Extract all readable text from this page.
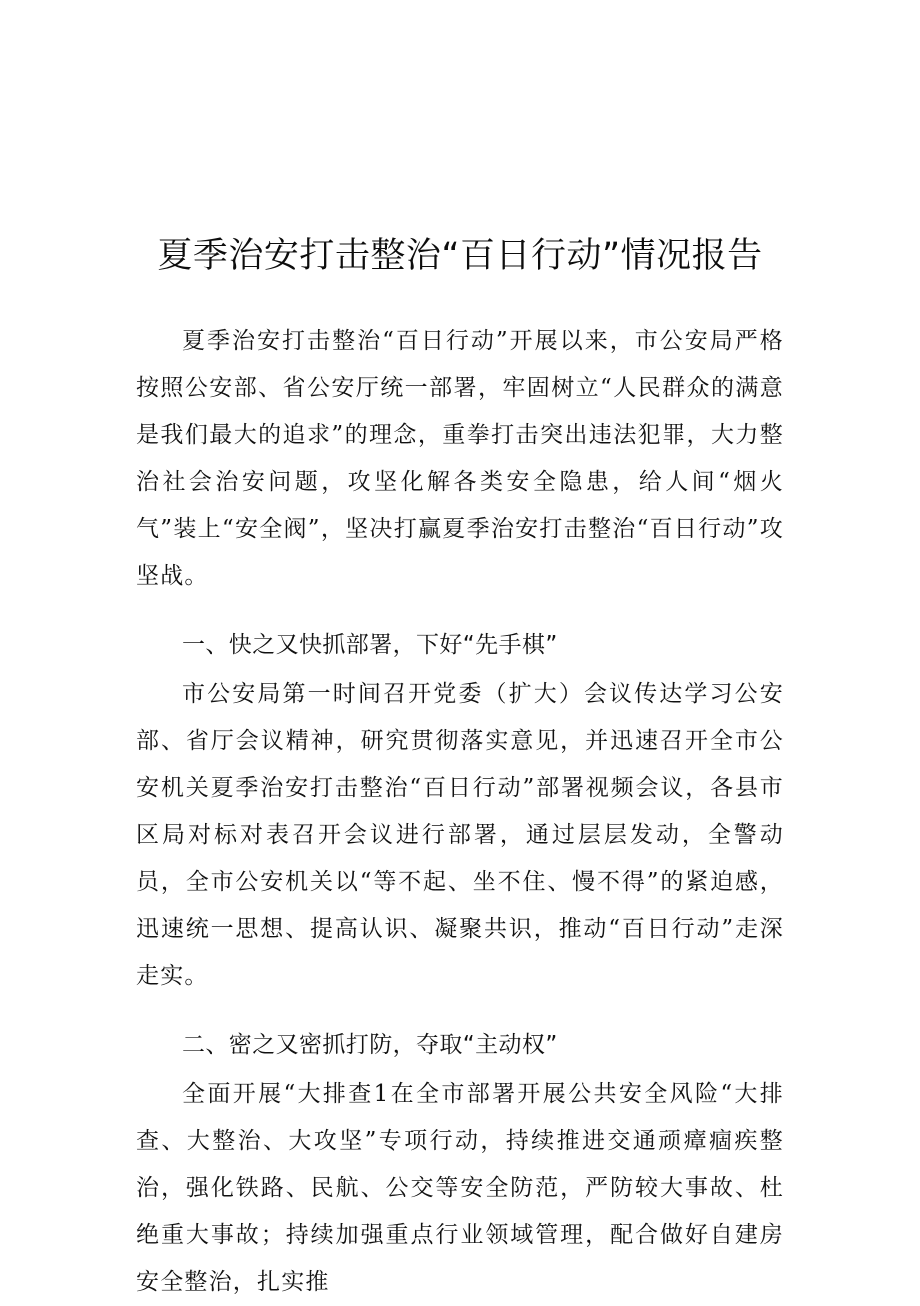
夏季治安打击整治“百日行动”情况报告

夏季治安打击整治“百日行动”开展以来，市公安局严格按照公安部、省公安厅统一部署，牢固树立“人民群众的满意是我们最大的追求”的理念，重拳打击突出违法犯罪，大力整治社会治安问题，攻坚化解各类安全隐患，给人间“烟火气”装上“安全阀”，坚决打赢夏季治安打击整治“百日行动”攻坚战。

一、快之又快抓部署，下好“先手棋”

市公安局第一时间召开党委（扩大）会议传达学习公安部、省厅会议精神，研究贯彻落实意见，并迅速召开全市公安机关夏季治安打击整治“百日行动”部署视频会议，各县市区局对标对表召开会议进行部署，通过层层发动，全警动员，全市公安机关以“等不起、坐不住、慢不得”的紧迫感，迅速统一思想、提高认识、凝聚共识，推动“百日行动”走深走实。

二、密之又密抓打防，夺取“主动权”

全面开展“大排查1在全市部署开展公共安全风险“大排查、大整治、大攻坚”专项行动，持续推进交通顽瘴痼疾整治，强化铁路、民航、公交等安全防范，严防较大事故、杜绝重大事故；持续加强重点行业领域管理，配合做好自建房安全整治，扎实推
